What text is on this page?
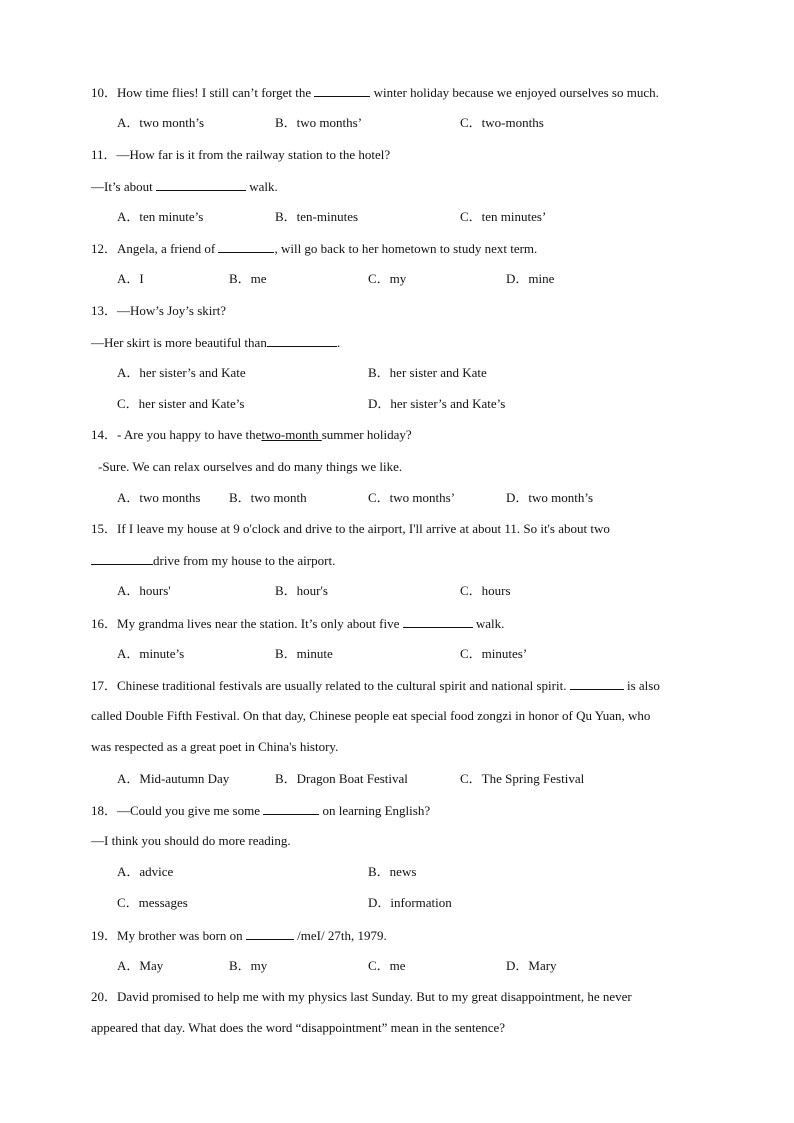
10．How time flies! I still can’t forget the	winter holiday because we enjoyed ourselves so much.
A．two month’s	B．two months’	C．two-months
11．—How far is it from the railway station to the hotel?
—It’s about	walk.
A．ten minute’s	B．ten-minutes	C．ten minutes’
12．Angela, a friend of	, will go back to her hometown to study next term.
A．I	B．me	C．my	D．mine
13．—How’s Joy’s skirt?
—Her skirt is more beautiful than	.
A．her sister’s and Kate	B．her sister and Kate
C．her sister and Kate’s	D．her sister’s and Kate’s
14．- Are you happy to have thetwo-month summer holiday?
-Sure. We can relax ourselves and do many things we like.
A．two months B．two month	C．two months’	D．two month’s
15．If I leave my house at 9 o'clock and drive to the airport, I'll arrive at about 11. So it's about two
drive from my house to the airport.
A．hours'	B．hour's	C．hours
16．My grandma lives near the station. It’s only about five	walk.
A．minute’s	B．minute	C．minutes’
17．Chinese traditional festivals are usually related to the cultural spirit and national spirit.	is also
called Double Fifth Festival. On that day, Chinese people eat special food zongzi in honor of Qu Yuan, who
was respected as a great poet in China's history.
A．Mid-autumn Day	B．Dragon Boat Festival	C．The Spring Festival
18．—Could you give me some	on learning English?
—I think you should do more reading.
A．advice	B．news
C．messages	D．information
19．My brother was born on	/meI/ 27th, 1979.
A．May	B．my	C．me	D．Mary
20．David promised to help me with my physics last Sunday. But to my great disappointment, he never
appeared that day. What does the word “disappointment” mean in the sentence?
